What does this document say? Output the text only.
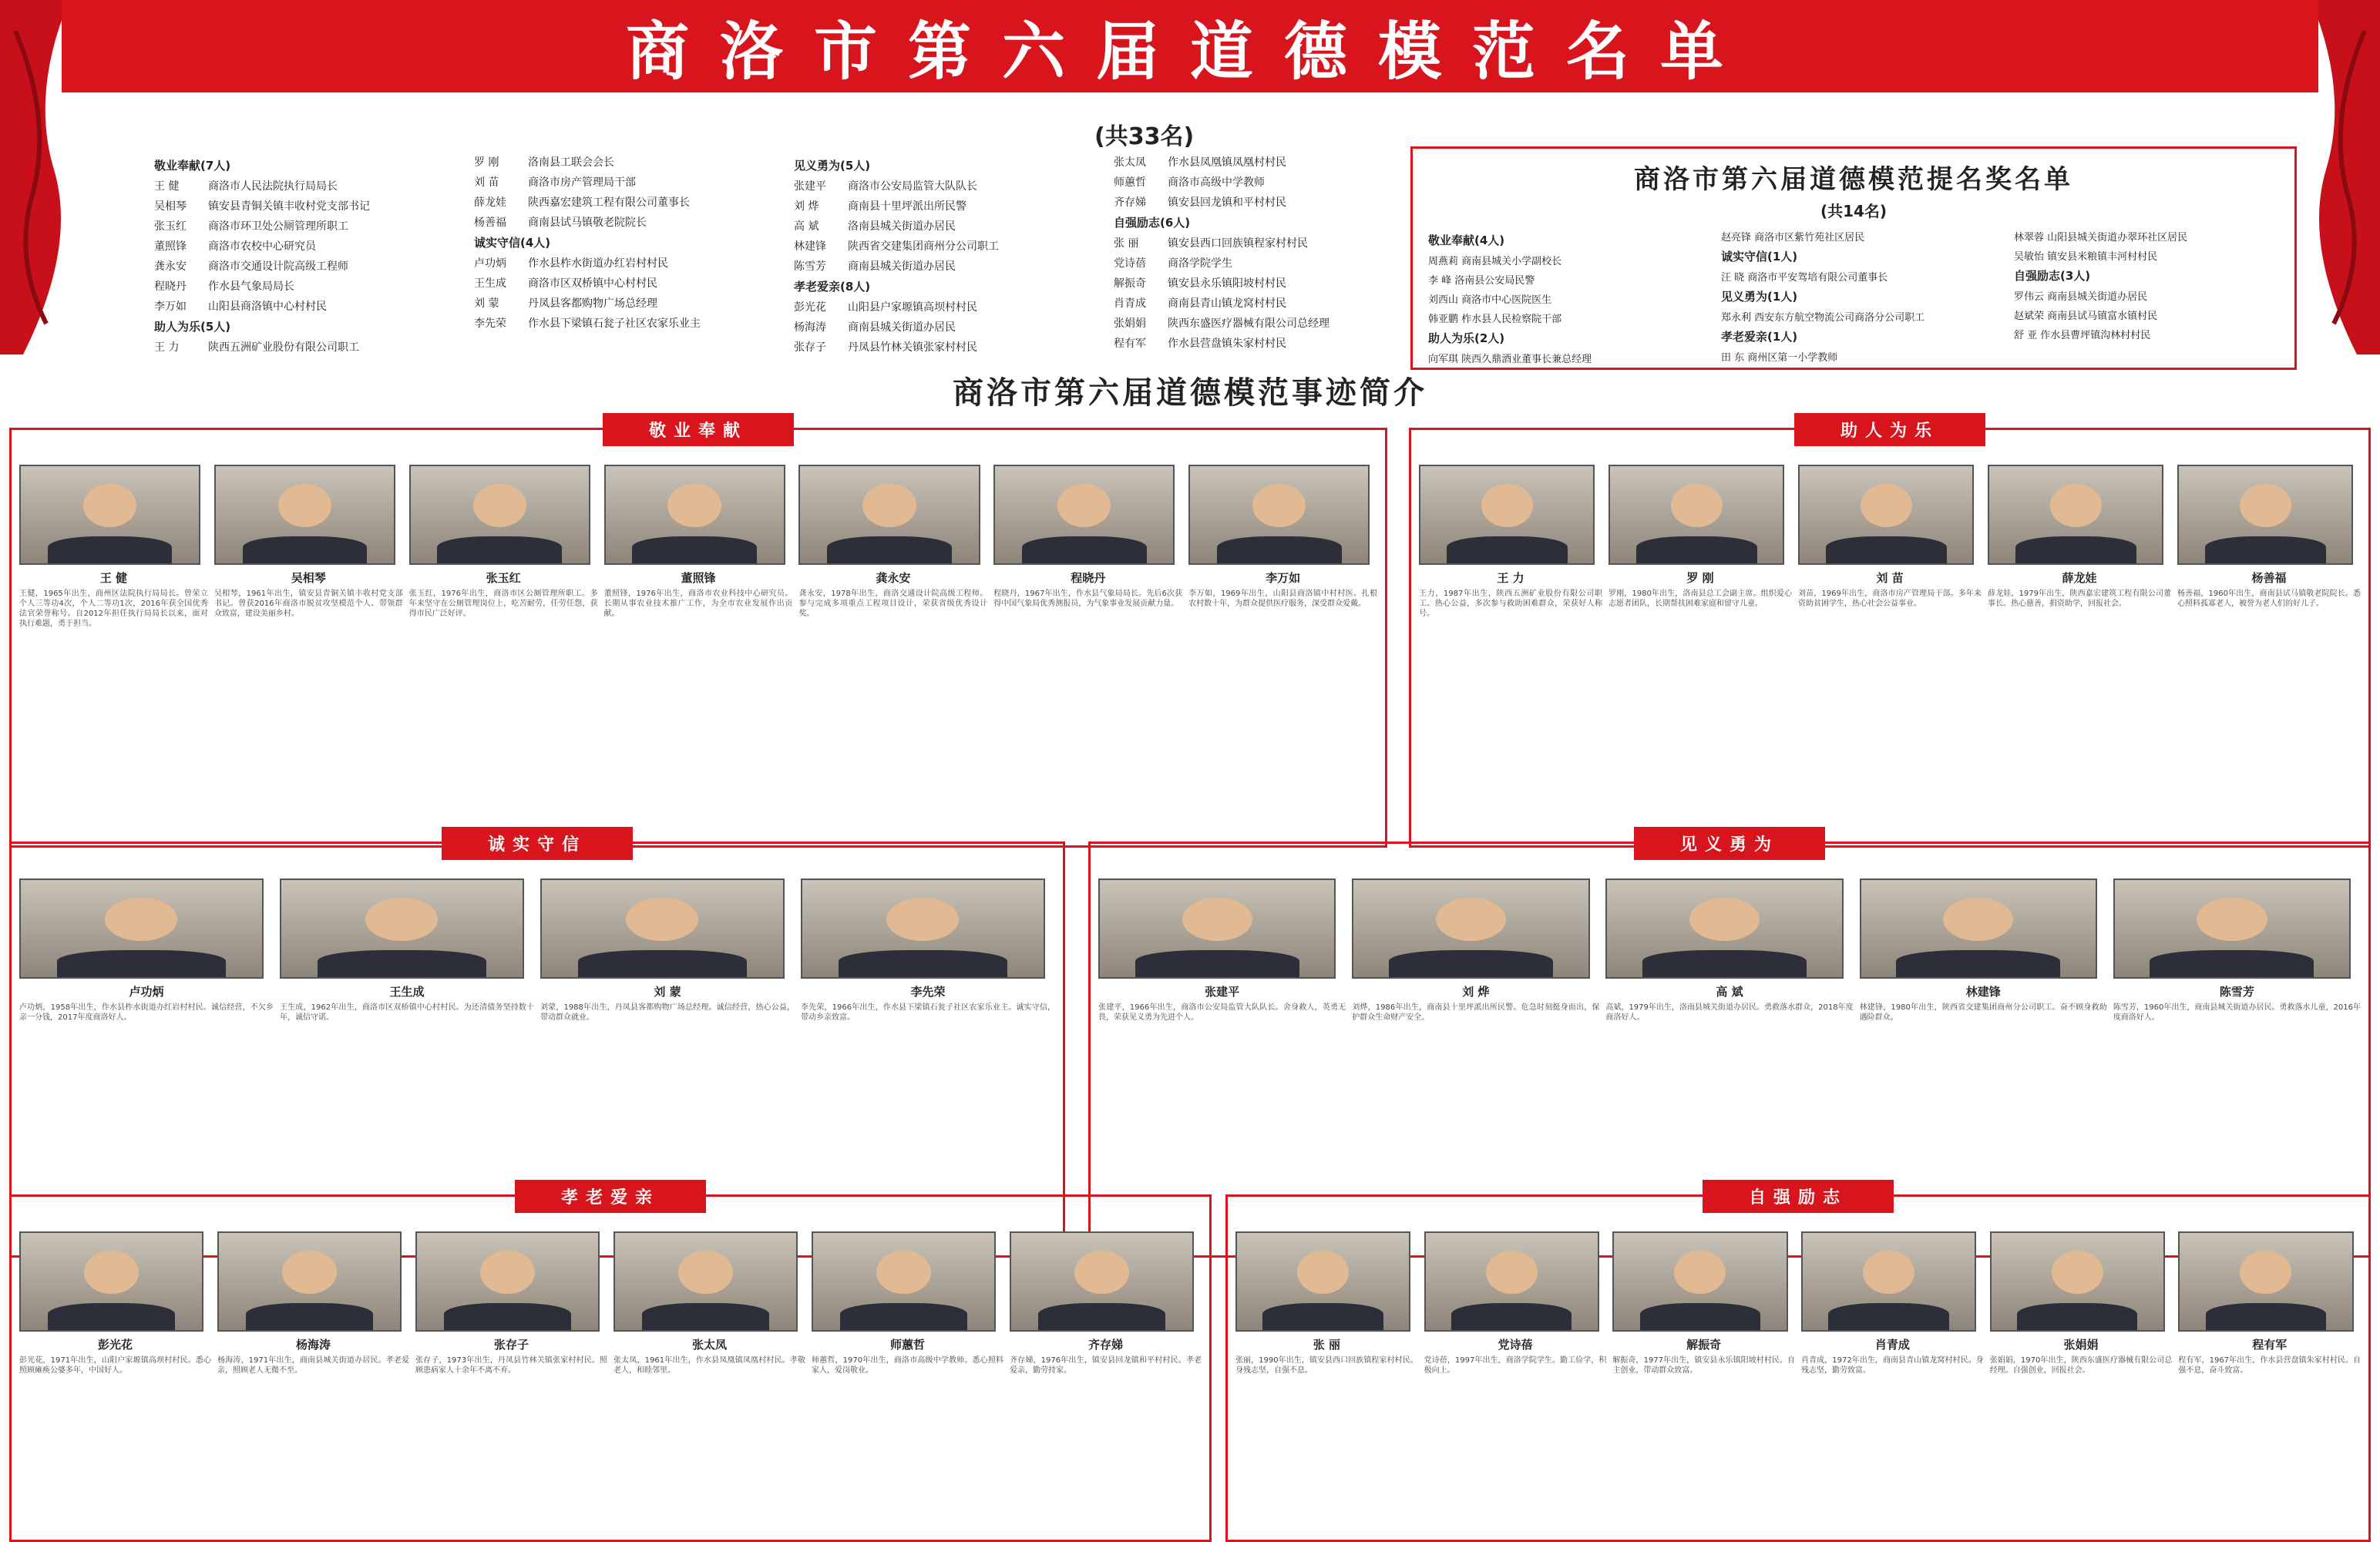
商洛市第六届道德模范名单
(共33名)
敬业奉献(7人)
王 健	商洛市人民法院执行局局长
吴相琴 镇安县青铜关镇丰收村党支部书记
张玉红 商洛市环卫处公厕管理所职工
董照锋 商洛市农校中心研究员
龚永安 商洛市交通设计院高级工程师
程晓丹 作水县气象局局长
李万如 山阳县商洛镇中心村村民
助人为乐(5人)
王 力	陕西五洲矿业股份有限公司职工
罗 刚	洛南县工联会会长
刘 苗	商洛市房产管理局干部
薛龙娃 陕西嘉宏建筑工程有限公司董事长
杨善福 商南县试马镇敬老院院长
诚实守信(4人)
卢功炳 作水县柞水街道办红岩村村民
王生成 商洛市区双桥镇中心村村民
刘 蒙	丹凤县客都购物广场总经理
李先荣 作水县下梁镇石瓮子社区农家乐业主
见义勇为(5人)
张建平 商洛市公安局监管大队队长
刘 烨	商南县十里坪派出所民警
高 斌	洛南县城关街道办居民
林建锋 陕西省交建集团商州分公司职工
陈雪芳 商南县城关街道办居民
孝老爱亲(8人)
彭光花 山阳县户家塬镇高坝村村民
杨海涛 商南县城关街道办居民
张存子 丹凤县竹林关镇张家村村民
张太凤 作水县凤凰镇凤凰村村民
师蕙哲 商洛市高级中学教师
齐存娣 镇安县回龙镇和平村村民
自强励志(6人)
张 丽	镇安县西口回族镇程家村村民
党诗蓓 商洛学院学生
解振奇 镇安县永乐镇阳坡村村民
肖青成 商南县青山镇龙窝村村民
张娟娟 陕西东盛医疗器械有限公司总经理
程有军 作水县营盘镇朱家村村民
商洛市第六届道德模范提名奖名单
(共14名)
敬业奉献(4人)
周燕莉 商南县城关小学副校长
李 峰 洛南县公安局民警
刘西山 商洛市中心医院医生
韩亚鹏 柞水县人民检察院干部
助人为乐(2人)
向军琪 陕西久鼎酒业董事长兼总经理
赵亮锋 商洛市区紫竹苑社区居民
诚实守信(1人)
汪 晓 商洛市平安驾培有限公司董事长
见义勇为(1人)
郑永利 西安东方航空物流公司商洛分公司职工
孝老爱亲(1人)
田 东 商州区第一小学教师
林翠蓉 山阳县城关街道办翠环社区居民
吴敏怡 镇安县米粮镇丰河村村民
自强励志(3人)
罗伟云 商南县城关街道办居民
赵斌荣 商南县试马镇富水镇村民
舒 亚 作水县曹坪镇沟林村村民
商洛市第六届道德模范事迹简介
敬业奉献
王 健
王健，1965年出生，商州区法院执行局局长。曾荣立个人三等功4次，个人二等功1次，2016年获全国优秀法官荣誉称号。自2012年担任执行局局长以来，面对执行难题，勇于担当。
吴相琴
吴相琴，1961年出生，镇安县青铜关镇丰收村党支部书记。曾获2016年商洛市脱贫攻坚模范个人。带领群众致富，建设美丽乡村。
张玉红
张玉红，1976年出生，商洛市区公厕管理所职工。多年来坚守在公厕管理岗位上，吃苦耐劳，任劳任怨，获得市民广泛好评。
董照锋
董照锋，1976年出生，商洛市农业科技中心研究员。长期从事农业技术推广工作，为全市农业发展作出贡献。
龚永安
龚永安，1978年出生，商洛交通设计院高级工程师。参与完成多项重点工程项目设计，荣获省级优秀设计奖。
程晓丹
程晓丹，1967年出生，作水县气象局局长。先后6次获得中国气象局优秀测报员，为气象事业发展贡献力量。
李万如
李万如，1969年出生，山阳县商洛镇中村村医。扎根农村数十年，为群众提供医疗服务，深受群众爱戴。
助人为乐
王 力
王力，1987年出生，陕西五洲矿业股份有限公司职工。热心公益，多次参与救助困难群众，荣获好人称号。
罗 刚
罗刚，1980年出生，洛南县总工会副主席。组织爱心志愿者团队，长期帮扶困难家庭和留守儿童。
刘 苗
刘苗，1969年出生，商洛市房产管理局干部。多年来资助贫困学生，热心社会公益事业。
薛龙娃
薛龙娃，1979年出生，陕西嘉宏建筑工程有限公司董事长。热心慈善，捐资助学，回报社会。
杨善福
杨善福，1960年出生，商南县试马镇敬老院院长。悉心照料孤寡老人，被誉为老人们的好儿子。
诚实守信
卢功炳
卢功炳，1958年出生，作水县柞水街道办红岩村村民。诚信经营，不欠乡亲一分钱，2017年度商洛好人。
王生成
王生成，1962年出生，商洛市区双桥镇中心村村民。为还清债务坚持数十年，诚信守诺。
刘 蒙
刘蒙，1988年出生，丹凤县客都购物广场总经理。诚信经营，热心公益，带动群众就业。
李先荣
李先荣，1966年出生，作水县下梁镇石瓮子社区农家乐业主。诚实守信，带动乡亲致富。
见义勇为
张建平
张建平，1966年出生，商洛市公安局监管大队队长。舍身救人，英勇无畏，荣获见义勇为先进个人。
刘 烨
刘烨，1986年出生，商南县十里坪派出所民警。危急时刻挺身而出，保护群众生命财产安全。
高 斌
高斌，1979年出生，洛南县城关街道办居民。勇救落水群众，2018年度商洛好人。
林建锋
林建锋，1980年出生，陕西省交建集团商州分公司职工。奋不顾身救助遇险群众。
陈雪芳
陈雪芳，1960年出生，商南县城关街道办居民。勇救落水儿童，2016年度商洛好人。
孝老爱亲
彭光花
彭光花，1971年出生，山阳户家塬镇高坝村村民。悉心照顾瘫痪公婆多年，中国好人。
杨海涛
杨海涛，1971年出生，商南县城关街道办居民。孝老爱亲，照顾老人无微不至。
张存子
张存子，1973年出生，丹凤县竹林关镇张家村村民。照顾患病家人十余年不离不弃。
张太凤
张太凤，1961年出生，作水县凤凰镇凤凰村村民。孝敬老人，和睦邻里。
师蕙哲
师蕙哲，1970年出生，商洛市高级中学教师。悉心照料家人，爱岗敬业。
齐存娣
齐存娣，1976年出生，镇安县回龙镇和平村村民。孝老爱亲，勤劳持家。
自强励志
张 丽
张丽，1990年出生，镇安县西口回族镇程家村村民。身残志坚，自强不息。
党诗蓓
党诗蓓，1997年出生，商洛学院学生。勤工俭学，积极向上。
解振奇
解振奇，1977年出生，镇安县永乐镇阳坡村村民。自主创业，带动群众致富。
肖青成
肖青成，1972年出生，商南县青山镇龙窝村村民。身残志坚，勤劳致富。
张娟娟
张娟娟，1970年出生，陕西东盛医疗器械有限公司总经理。自强创业，回报社会。
程有军
程有军，1967年出生，作水县营盘镇朱家村村民。自强不息，奋斗致富。
